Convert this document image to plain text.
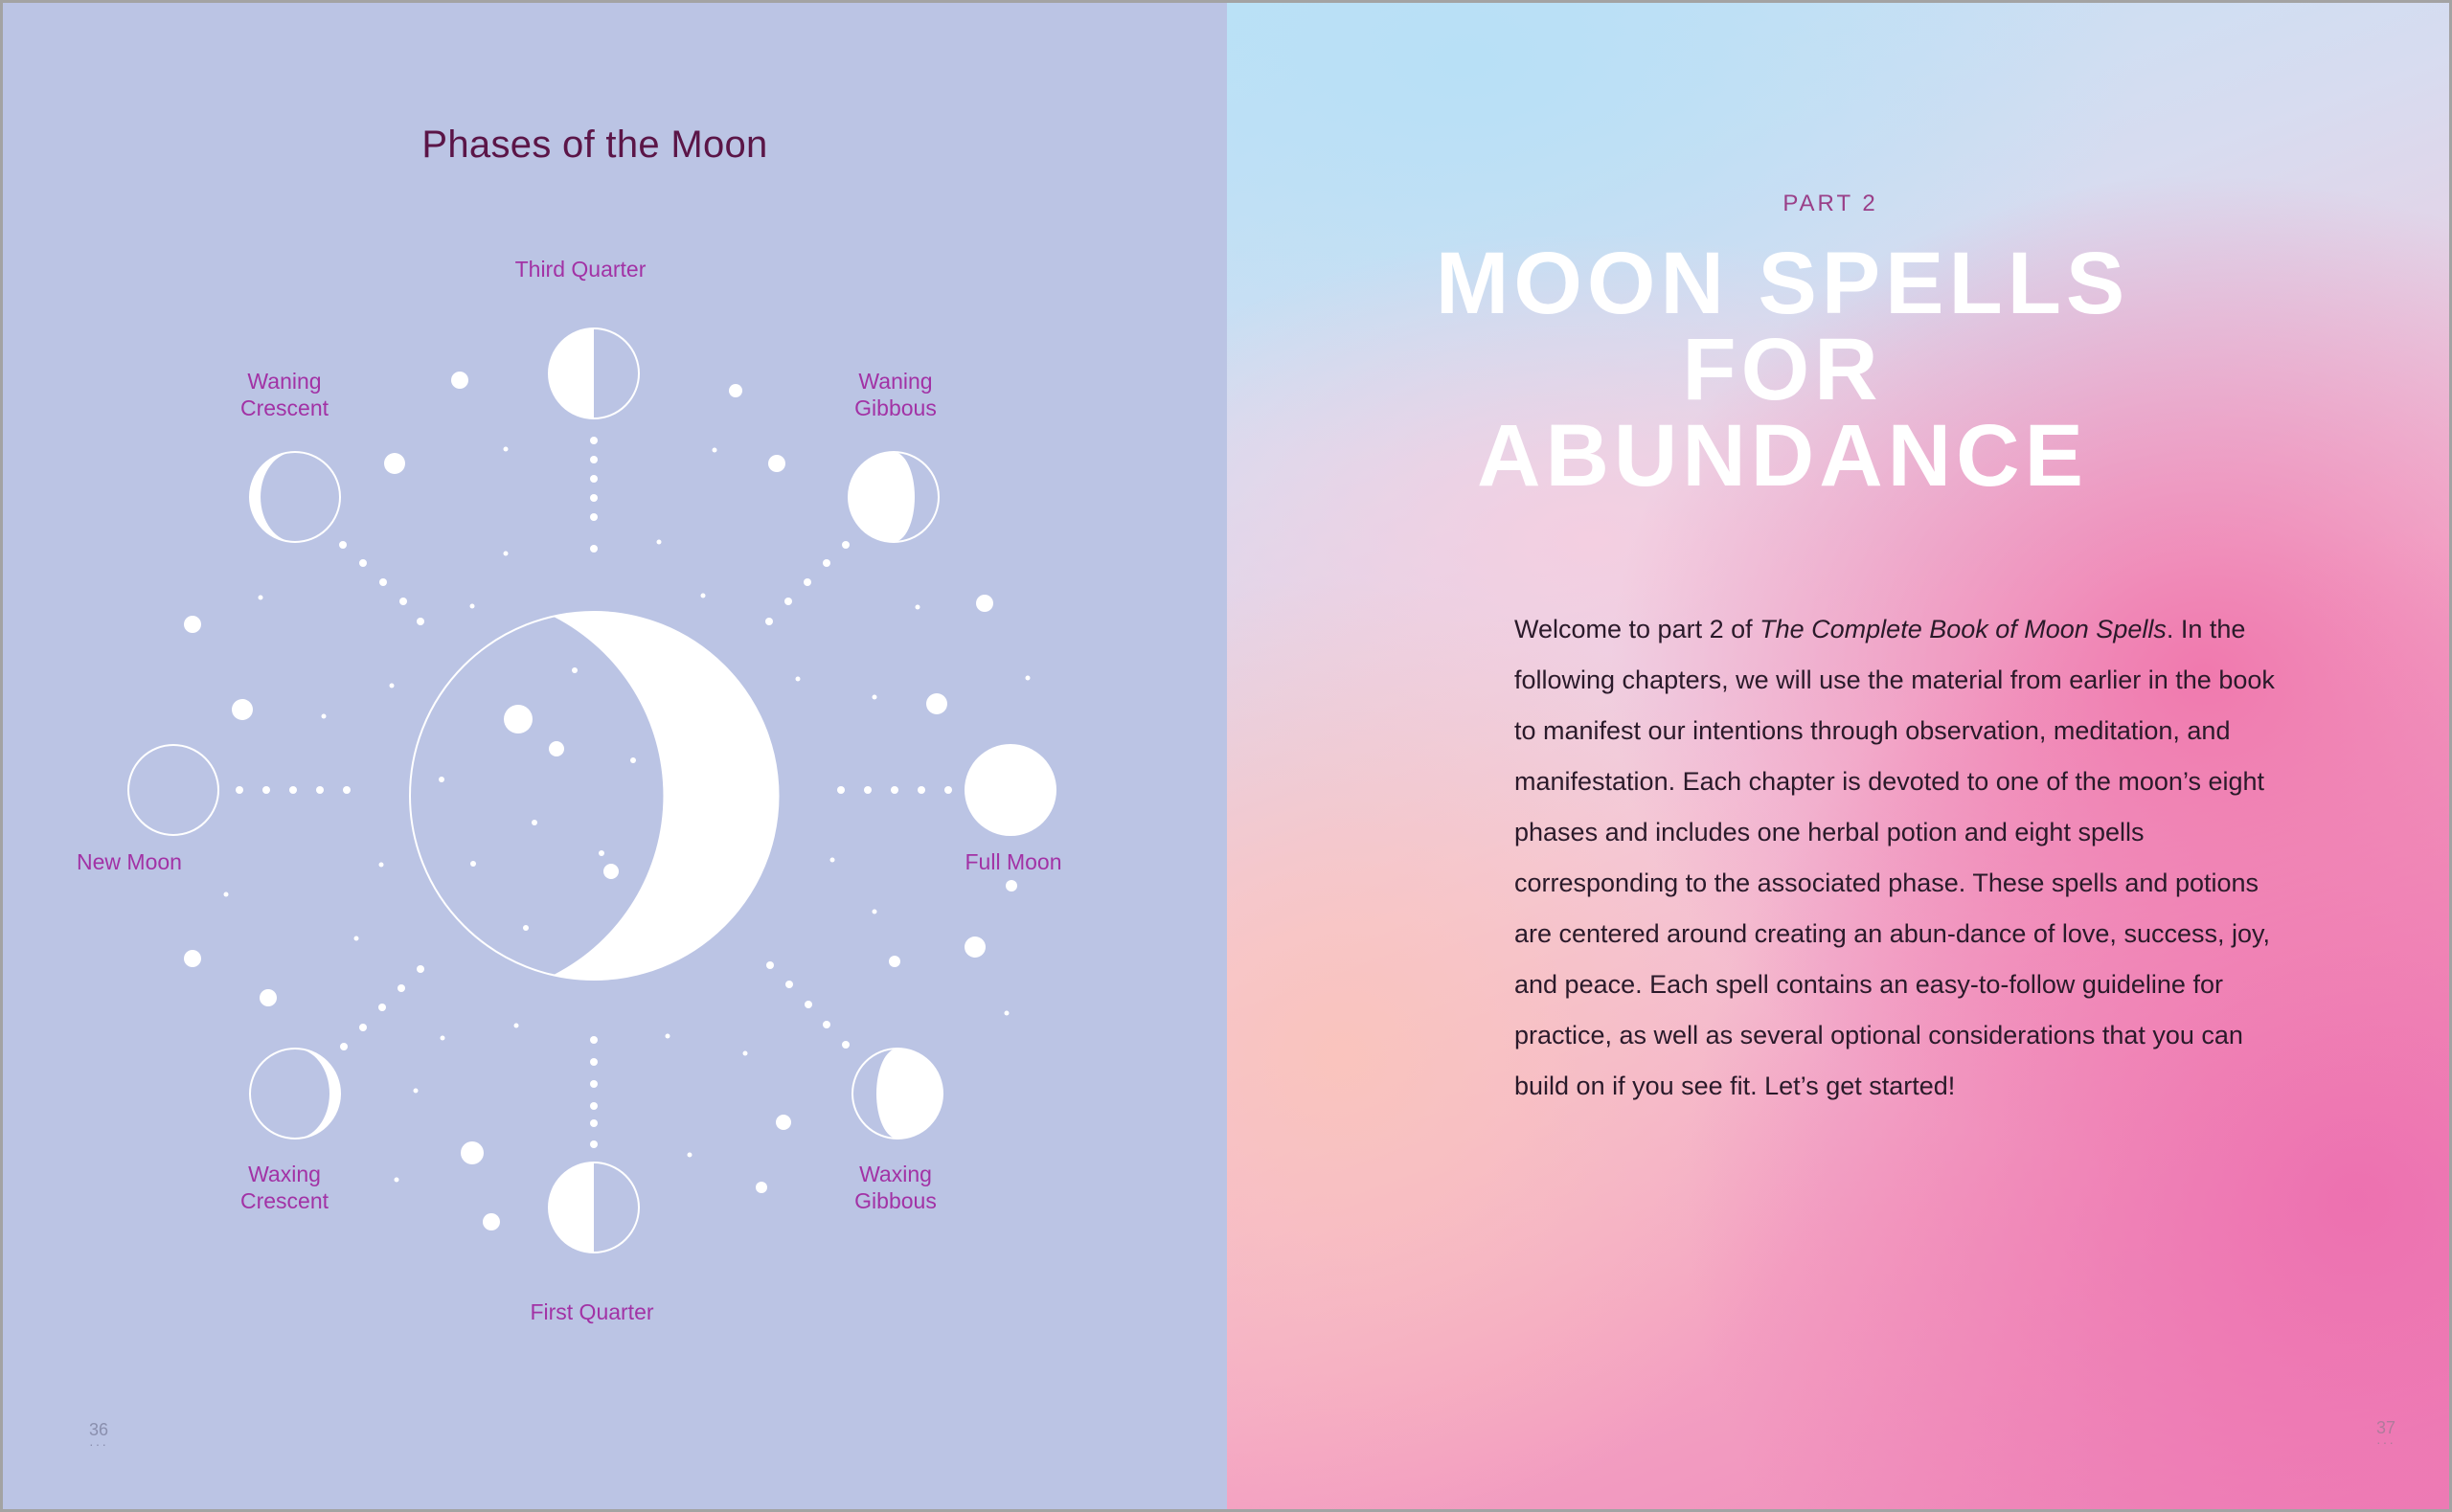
Phases of the Moon
Third Quarter
Waning
Gibbous
Full Moon
Waxing
Gibbous
First Quarter
Waxing
Crescent
New Moon
Waning
Crescent
36
···
PART 2
MOON SPELLS
FOR
ABUNDANCE

Welcome to part 2 of The Complete Book of Moon Spells. In the following chapters, we will use the material from earlier in the book to manifest our intentions through observation, meditation, and manifestation. Each chapter is devoted to one of the moon’s eight phases and includes one herbal potion and eight spells corresponding to the associated phase. These spells and potions are centered around creating an abun-dance of love, success, joy, and peace. Each spell contains an easy-to-follow guideline for practice, as well as several optional considerations that you can build on if you see fit. Let’s get started!

37
···
